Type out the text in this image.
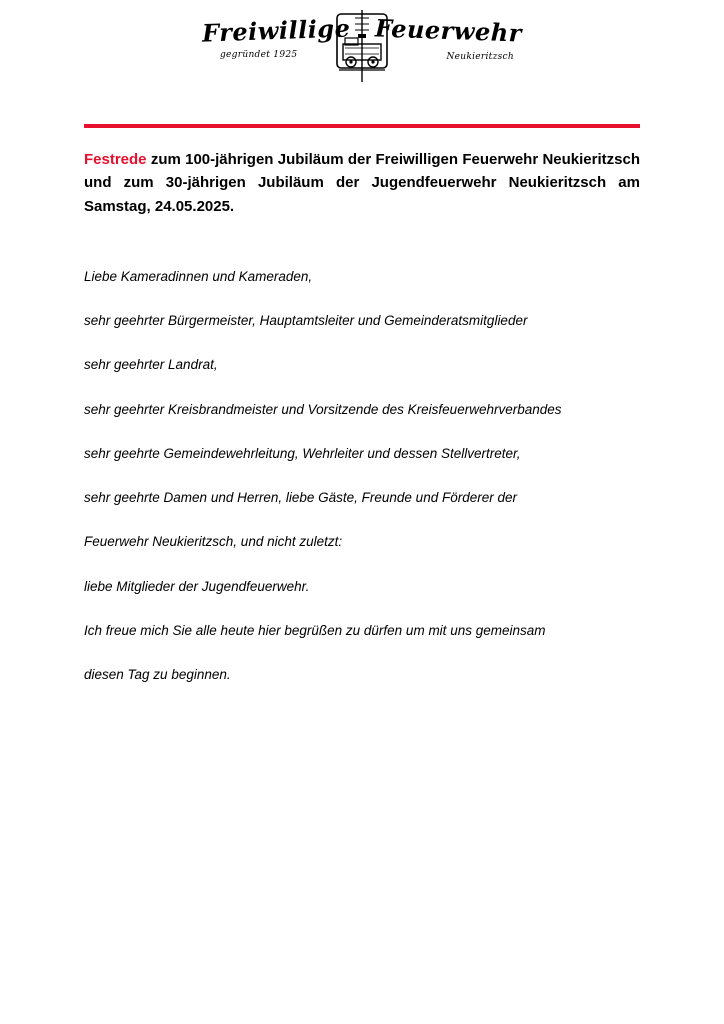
Freiwillige Feuerwehr
gegründet 1925	Neukieritzsch
Festrede zum 100-jährigen Jubiläum der Freiwilligen Feuerwehr Neukieritzsch und zum 30-jährigen Jubiläum der Jugendfeuerwehr Neukieritzsch am Samstag, 24.05.2025.

Liebe Kameradinnen und Kameraden,

sehr geehrter Bürgermeister, Hauptamtsleiter und Gemeinderatsmitglieder

sehr geehrter Landrat,

sehr geehrter Kreisbrandmeister und Vorsitzende des Kreisfeuerwehrverbandes

sehr geehrte Gemeindewehrleitung, Wehrleiter und dessen Stellvertreter,

sehr geehrte Damen und Herren, liebe Gäste, Freunde und Förderer der

Feuerwehr Neukieritzsch, und nicht zuletzt:

liebe Mitglieder der Jugendfeuerwehr.

Ich freue mich Sie alle heute hier begrüßen zu dürfen um mit uns gemeinsam

diesen Tag zu beginnen.
